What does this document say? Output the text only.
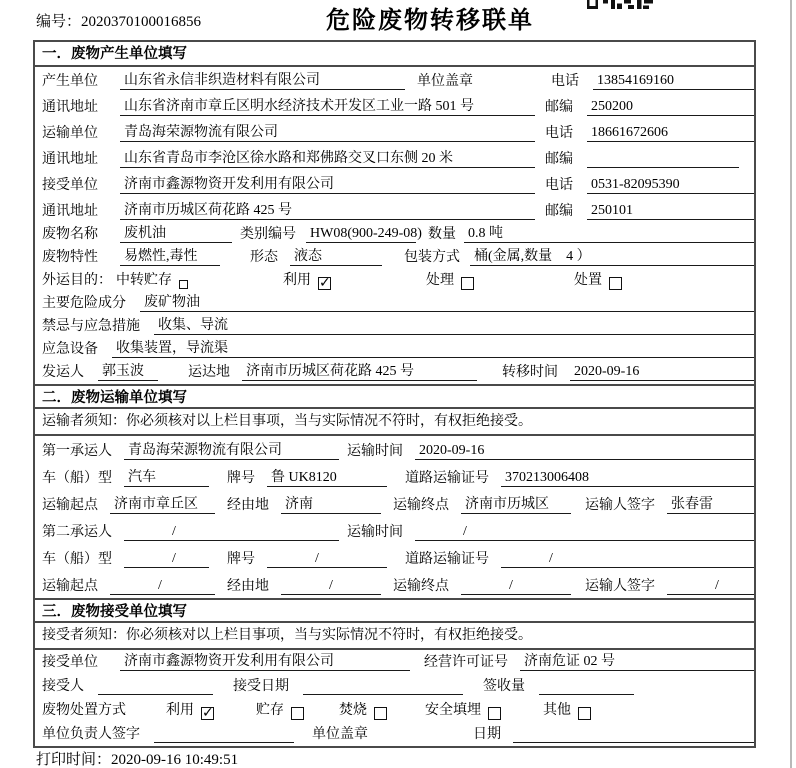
编号：2020370100016856	危险废物转移联单
一．废物产生单位填写
产生单位	山东省永信非织造材料有限公司	单位盖章	电话 13854169160
通讯地址	山东省济南市章丘区明水经济技术开发区工业一路 501 号	邮编 250200
运输单位	青岛海荣源物流有限公司	电话 18661672606
通讯地址	山东省青岛市李沧区徐水路和郑佛路交叉口东侧 20 米	邮编
接受单位	济南市鑫源物资开发利用有限公司	电话 0531-82095390
通讯地址	济南市历城区荷花路 425 号	邮编 250101
废物名称	废机油	类别编号 HW08(900-249-08) 数量 0.8 吨
废物特性	易燃性,毒性	形态 液态	包装方式 桶(金属,数量　4 ）
外运目的： 中转贮存	利用 ✓	处理	处置
主要危险成分 废矿物油
禁忌与应急措施 收集、导流
应急设备 收集装置，导流渠
发运人 郭玉波	运达地 济南市历城区荷花路 425 号	转移时间 2020-09-16
二．废物运输单位填写
运输者须知：你必须核对以上栏目事项，当与实际情况不符时，有权拒绝接受。
第一承运人 青岛海荣源物流有限公司	运输时间 2020-09-16
车（船）型 汽车	牌号 鲁 UK8120	道路运输证号 370213006408
运输起点 济南市章丘区	经由地 济南	运输终点 济南市历城区	运输人签字 张春雷
第二承运人	/	运输时间	/
车（船）型	/	牌号	/	道路运输证号	/
运输起点	/	经由地	/	运输终点	/	运输人签字	/
三．废物接受单位填写
接受者须知：你必须核对以上栏目事项，当与实际情况不符时，有权拒绝接受。
接受单位	济南市鑫源物资开发利用有限公司	经营许可证号 济南危证 02 号
接受人	接受日期	签收量
废物处置方式	利用 ✓	贮存	焚烧	安全填埋	其他
单位负责人签字	单位盖章	日期
打印时间：2020-09-16 10:49:51
